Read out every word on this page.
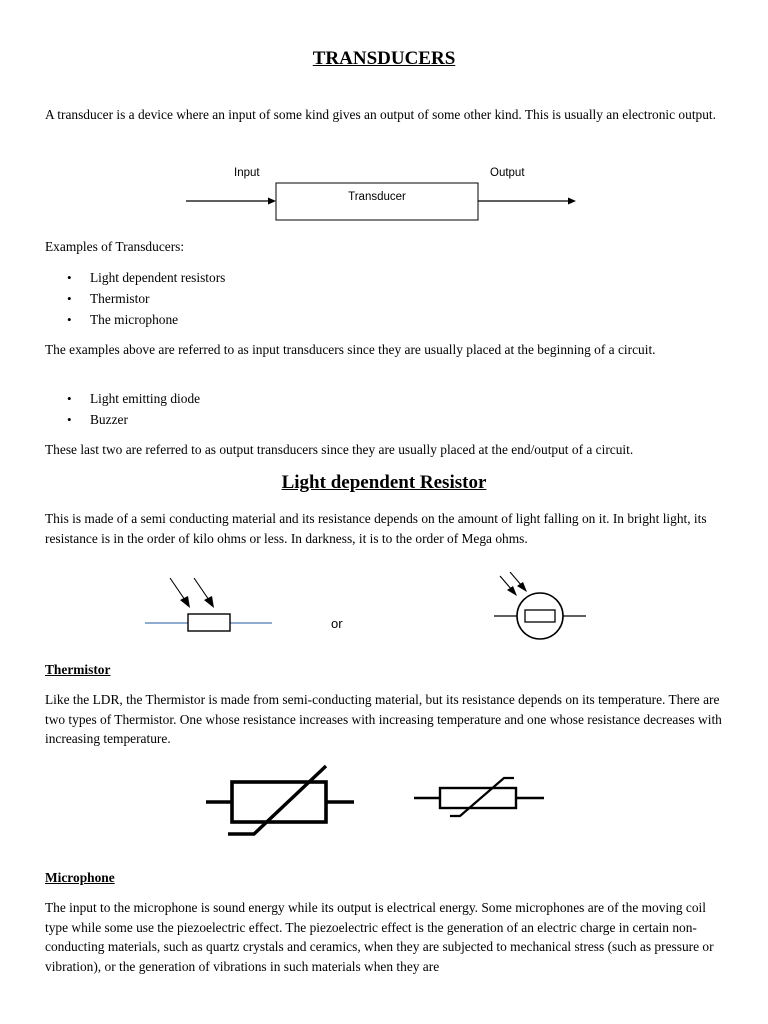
TRANSDUCERS

A transducer is a device where an input of some kind gives an output of some other kind. This is usually an electronic output.

Input	Output
Transducer

Examples of Transducers:

• Light dependent resistors
• Thermistor
• The microphone

The examples above are referred to as input transducers since they are usually placed at the beginning of a circuit.

• Light emitting diode
• Buzzer

These last two are referred to as output transducers since they are usually placed at the end/output of a circuit.

Light dependent Resistor

This is made of a semi conducting material and its resistance depends on the amount of light falling on it. In bright light, its resistance is in the order of kilo ohms or less. In darkness, it is to the order of Mega ohms.

or
Thermistor

Like the LDR, the Thermistor is made from semi-conducting material, but its resistance depends on its temperature. There are two types of Thermistor. One whose resistance increases with increasing temperature and one whose resistance decreases with increasing temperature.

Microphone

The input to the microphone is sound energy while its output is electrical energy. Some microphones are of the moving coil type while some use the piezoelectric effect. The piezoelectric effect is the generation of an electric charge in certain non-conducting materials, such as quartz crystals and ceramics, when they are subjected to mechanical stress (such as pressure or vibration), or the generation of vibrations in such materials when they are
